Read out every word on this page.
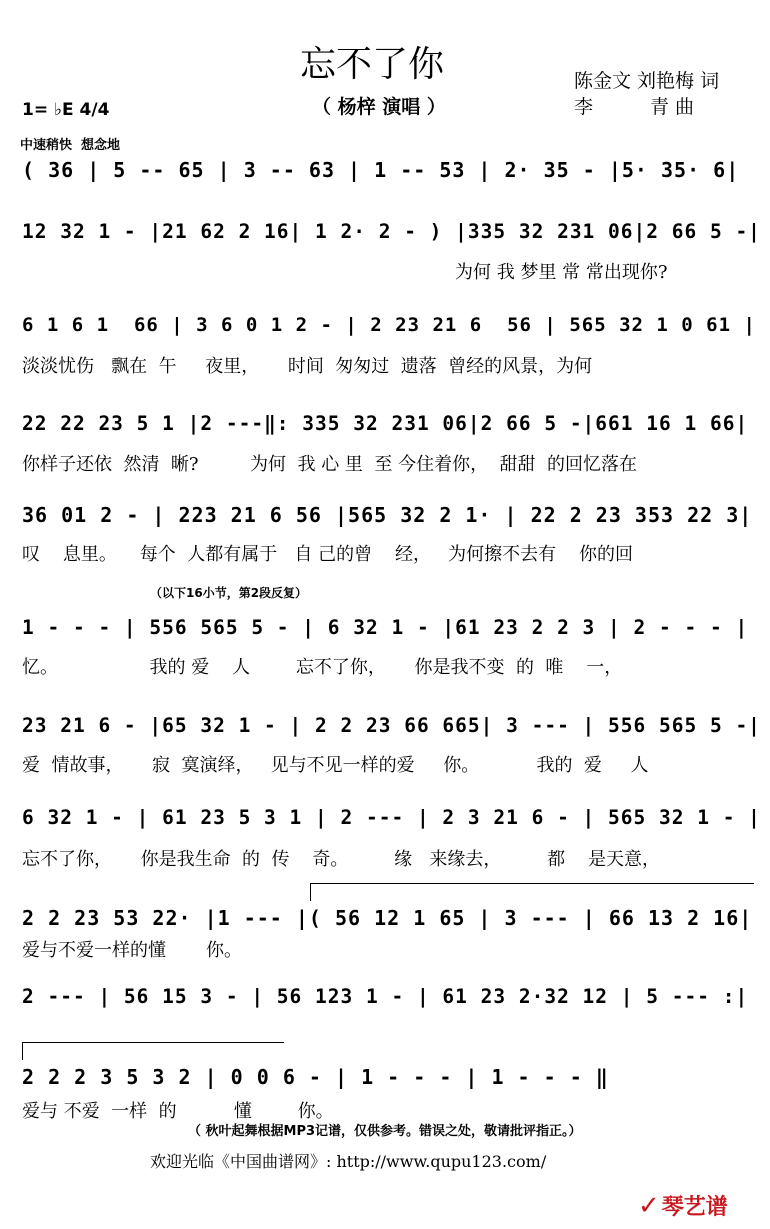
忘不了你
（ 杨梓 演唱 ）
陈金文 刘艳梅 词
李　　　青 曲
1= ♭E 4/4
中速稍快  想念地
( 36 | 5 -- 65 | 3 -- 63 | 1 -- 53 | 2· 35 - |5· 35· 6|
12 32 1 - |21 62 2 16| 1 2· 2 - ) |335 32 231 06|2 66 5 -|
为何 我 梦里 常 常出现你?
6 1 6 1  66 | 3 6 0 1 2 - | 2 23 21 6  56 | 565 32 1 0 61 |
淡淡忧伤   飘在  午     夜里，     时间  匆匆过  遗落  曾经的风景，为何
22 22 23 5 1 |2 ---‖: 335 32 231 06|2 66 5 -|661 16 1 66|
你样子还依  然清  晰?         为何  我 心 里  至 今住着你，  甜甜  的回忆落在
36 01 2 - | 223 21 6 56 |565 32 2 1· | 22 2 23 353 22 3|
叹    息里。    每个  人都有属于   自 己的曾    经，   为何擦不去有    你的回
（以下16小节，第2段反复）
1 - - - | 556 565 5 - | 6 32 1 - |61 23 2 2 3 | 2 - - - |
忆。                我的 爱    人        忘不了你，     你是我不变  的  唯    一，
23 21 6 - |65 32 1 - | 2 2 23 66 665| 3 --- | 556 565 5 -|
爱  情故事，     寂  寞演绎，   见与不见一样的爱     你。          我的  爱     人
6 32 1 - | 61 23 5 3 1 | 2 --- | 2 3 21 6 - | 565 32 1 - |
忘不了你，     你是我生命  的  传    奇。        缘   来缘去，        都    是天意，
2 2 23 53 22· |1 --- |( 56 12 1 65 | 3 --- | 66 13 2 16|
爱与不爱一样的懂       你。
2 --- | 56 15 3 - | 56 123 1 - | 61 23 2·32 12 | 5 --- :|
2 2 2 3 5 3 2 | 0 0 6 - | 1 - - - | 1 - - - ‖
爱与 不爱  一样  的          懂        你。
（ 秋叶起舞根据MP3记谱，仅供参考。错误之处，敬请批评指正。）
欢迎光临《中国曲谱网》: http://www.qupu123.com/
✓琴艺谱
